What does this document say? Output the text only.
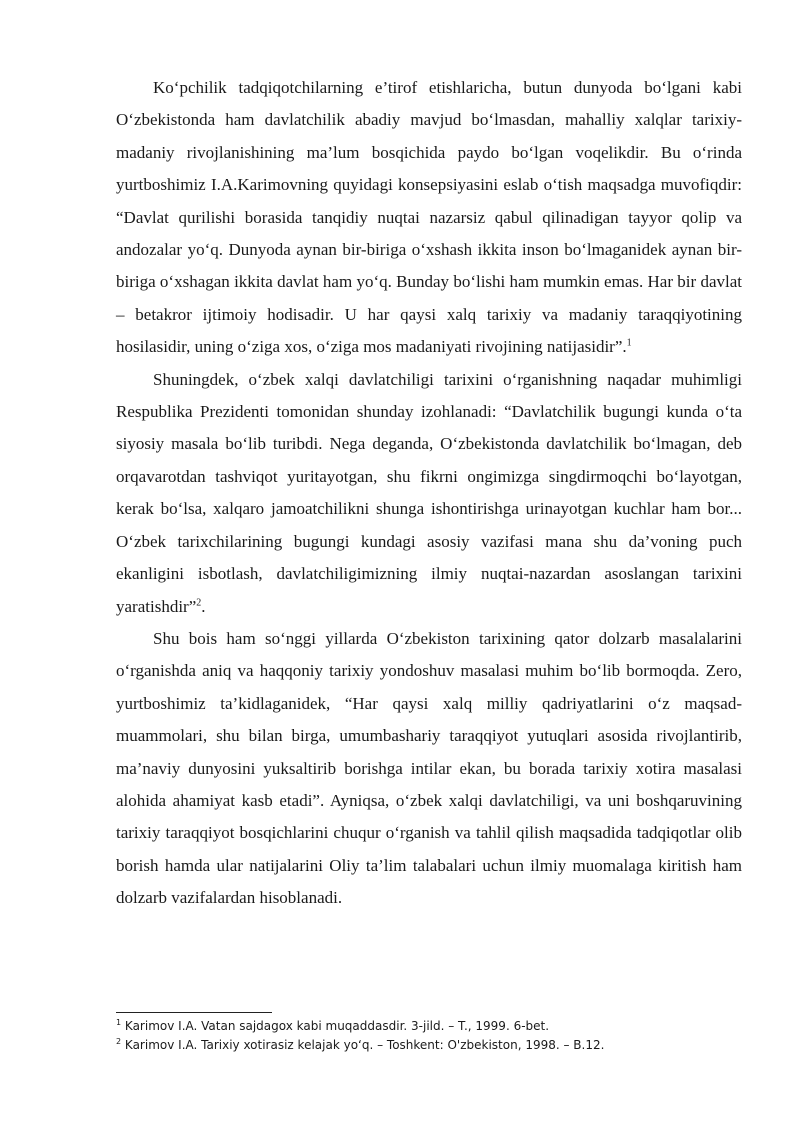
Ko‘pchilik tadqiqotchilarning e’tirof etishlaricha, butun dunyoda bo‘lgani kabi O‘zbekistonda ham davlatchilik abadiy mavjud bo‘lmasdan, mahalliy xalqlar tarixiy-madaniy rivojlanishining ma’lum bosqichida paydo bo‘lgan voqelikdir. Bu o‘rinda yurtboshimiz I.A.Karimovning quyidagi konsepsiyasini eslab o‘tish maqsadga muvofiqdir: “Davlat qurilishi borasida tanqidiy nuqtai nazarsiz qabul qilinadigan tayyor qolip va andozalar yo‘q. Dunyoda aynan bir-biriga o‘xshash ikkita inson bo‘lmaganidek aynan bir-biriga o‘xshagan ikkita davlat ham yo‘q. Bunday bo‘lishi ham mumkin emas. Har bir davlat – betakror ijtimoiy hodisadir. U har qaysi xalq tarixiy va madaniy taraqqiyotining hosilasidir, uning o‘ziga xos, o‘ziga mos madaniyati rivojining natijasidir”.$^1$

Shuningdek, o‘zbek xalqi davlatchiligi tarixini o‘rganishning naqadar muhimligi Respublika Prezidenti tomonidan shunday izohlanadi: “Davlatchilik bugungi kunda o‘ta siyosiy masala bo‘lib turibdi. Nega deganda, O‘zbekistonda davlatchilik bo‘lmagan, deb orqavarotdan tashviqot yuritayotgan, shu fikrni ongimizga singdirmoqchi bo‘layotgan, kerak bo‘lsa, xalqaro jamoatchilikni shunga ishontirishga urinayotgan kuchlar ham bor... O‘zbek tarixchilarining bugungi kundagi asosiy vazifasi mana shu da’voning puch ekanligini isbotlash, davlatchiligimizning ilmiy nuqtai-nazardan asoslangan tarixini yaratishdir”$^2$.

Shu bois ham so‘nggi yillarda O‘zbekiston tarixining qator dolzarb masalalarini o‘rganishda aniq va haqqoniy tarixiy yondoshuv masalasi muhim bo‘lib bormoqda. Zero, yurtboshimiz ta’kidlaganidek, “Har qaysi xalq milliy qadriyatlarini o‘z maqsad-muammolari, shu bilan birga, umumbashariy taraqqiyot yutuqlari asosida rivojlantirib, ma’naviy dunyosini yuksaltirib borishga intilar ekan, bu borada tarixiy xotira masalasi alohida ahamiyat kasb etadi”. Ayniqsa, o‘zbek xalqi davlatchiligi, va uni boshqaruvining tarixiy taraqqiyot bosqichlarini chuqur o‘rganish va tahlil qilish maqsadida tadqiqotlar olib borish hamda ular natijalarini Oliy ta’lim talabalari uchun ilmiy muomalaga kiritish ham dolzarb vazifalardan hisoblanadi.

$^1$ Karimov I.A. Vatan sajdagox kabi muqaddasdir. 3-jild. – T., 1999. 6-bet.
$^2$ Karimov I.A. Tarixiy xotirasiz kelajak yo‘q. – Toshkent: O'zbekiston, 1998. – B.12.
